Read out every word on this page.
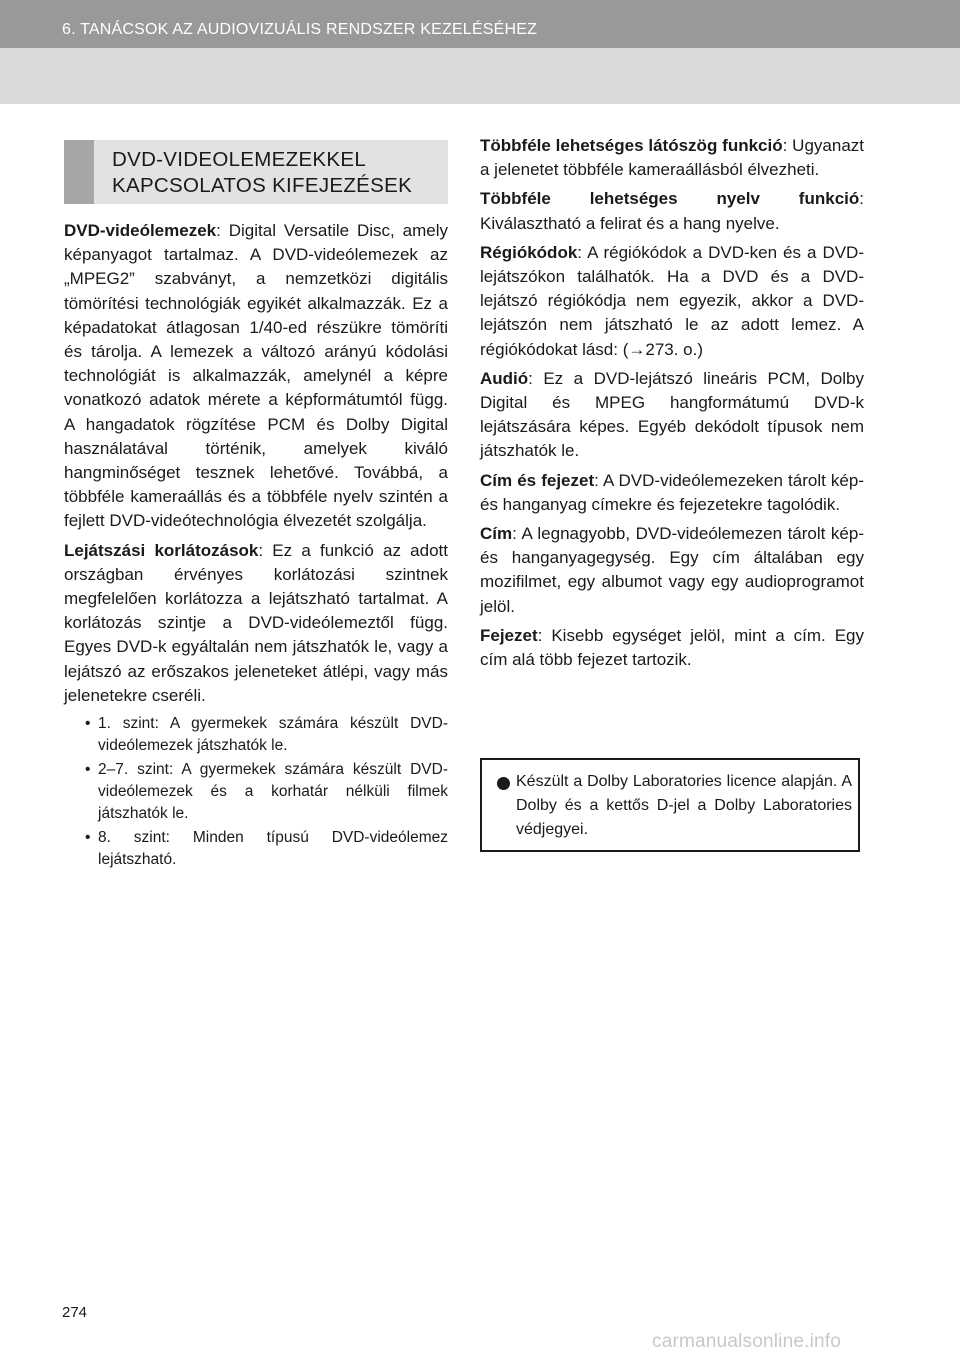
6. TANÁCSOK AZ AUDIOVIZUÁLIS RENDSZER KEZELÉSÉHEZ
DVD-VIDEOLEMEZEKKEL
KAPCSOLATOS KIFEJEZÉSEK

DVD-videólemezek: Digital Versatile Disc, amely képanyagot tartalmaz. A DVD-videólemezek az „MPEG2” szabványt, a nemzetközi digitális tömörítési technológiák egyikét alkalmazzák. Ez a képadatokat átlagosan 1/40-ed részükre tömöríti és tárolja. A lemezek a változó arányú kódolási technológiát is alkalmazzák, amelynél a képre vonatkozó adatok mérete a képformátumtól függ. A hangadatok rögzítése PCM és Dolby Digital használatával történik, amelyek kiváló hangminőséget tesznek lehetővé. Továbbá, a többféle kameraállás és a többféle nyelv szintén a fejlett DVD-videótechnológia élvezetét szolgálja.

Lejátszási korlátozások: Ez a funkció az adott országban érvényes korlátozási szintnek megfelelően korlátozza a lejátszható tartalmat. A korlátozás szintje a DVD-videólemeztől függ. Egyes DVD-k egyáltalán nem játszhatók le, vagy a lejátszó az erőszakos jeleneteket átlépi, vagy más jelenetekre cseréli.

• 1. szint: A gyermekek számára készült DVD-videólemezek játszhatók le.
• 2–7. szint: A gyermekek számára készült DVD-videólemezek és a korhatár nélküli filmek játszhatók le.
• 8. szint: Minden típusú DVD-videólemez lejátszható.

Többféle lehetséges látószög funkció: Ugyanazt a jelenetet többféle kameraállásból élvezheti.

Többféle lehetséges nyelv funkció: Kiválasztható a felirat és a hang nyelve.

Régiókódok: A régiókódok a DVD-ken és a DVD-lejátszókon találhatók. Ha a DVD és a DVD-lejátszó régiókódja nem egyezik, akkor a DVD-lejátszón nem játszható le az adott lemez. A régiókódokat lásd: (→273. o.)

Audió: Ez a DVD-lejátszó lineáris PCM, Dolby Digital és MPEG hangformátumú DVD-k lejátszására képes. Egyéb dekódolt típusok nem játszhatók le.

Cím és fejezet: A DVD-videólemezeken tárolt kép- és hanganyag címekre és fejezetekre tagolódik.

Cím: A legnagyobb, DVD-videólemezen tárolt kép- és hanganyagegység. Egy cím általában egy mozifilmet, egy albumot vagy egy audioprogramot jelöl.

Fejezet: Kisebb egységet jelöl, mint a cím. Egy cím alá több fejezet tartozik.

Készült a Dolby Laboratories licence alapján. A Dolby és a kettős D-jel a Dolby Laboratories védjegyei.
274
carmanualsonline.info
